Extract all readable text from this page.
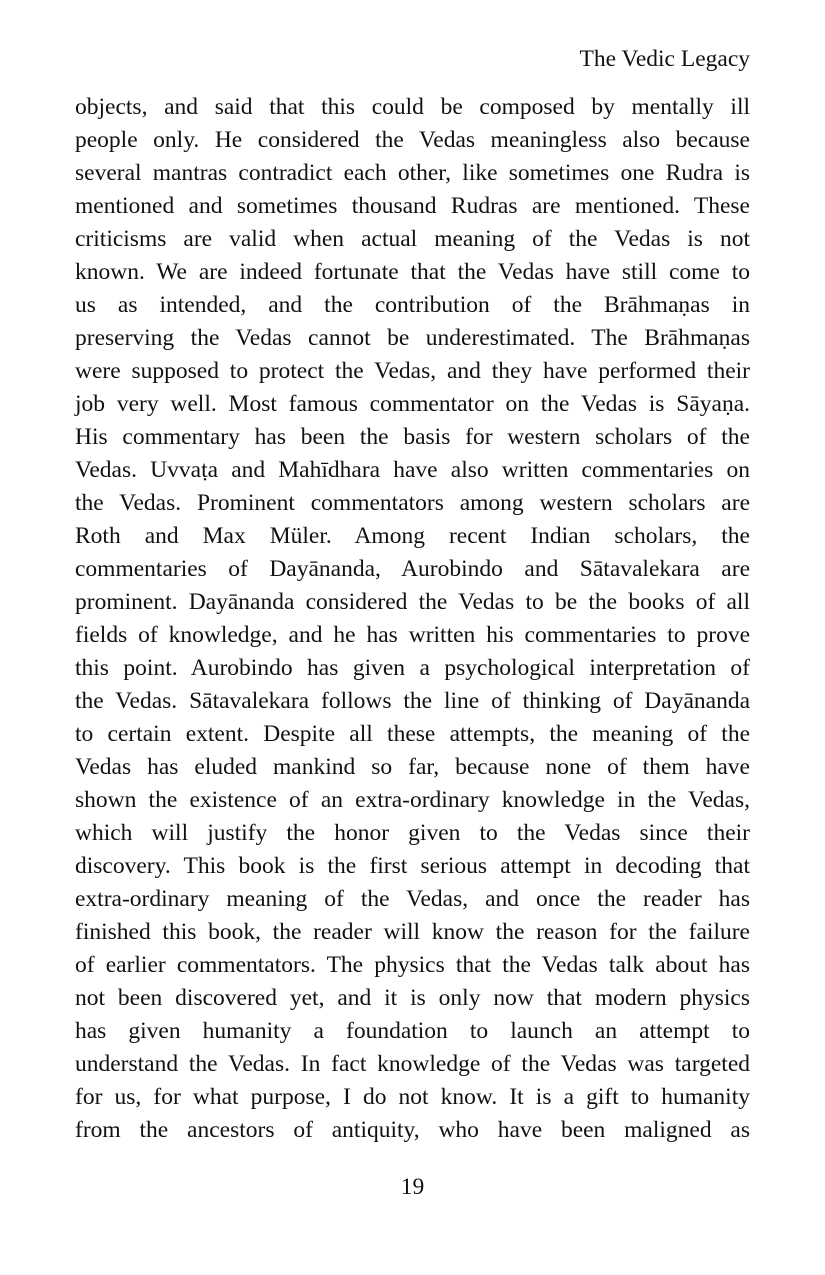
The Vedic Legacy
objects, and said that this could be composed by mentally ill
people only. He considered the Vedas meaningless also because
several mantras contradict each other, like sometimes one Rudra is
mentioned and sometimes thousand Rudras are mentioned. These
criticisms are valid when actual meaning of the Vedas is not
known. We are indeed fortunate that the Vedas have still come to
us as intended, and the contribution of the Brāhmaṇas in
preserving the Vedas cannot be underestimated. The Brāhmaṇas
were supposed to protect the Vedas, and they have performed their
job very well. Most famous commentator on the Vedas is Sāyaṇa.
His commentary has been the basis for western scholars of the
Vedas. Uvvaṭa and Mahīdhara have also written commentaries on
the Vedas. Prominent commentators among western scholars are
Roth and Max Müler. Among recent Indian scholars, the
commentaries of Dayānanda, Aurobindo and Sātavalekara are
prominent. Dayānanda considered the Vedas to be the books of all
fields of knowledge, and he has written his commentaries to prove
this point. Aurobindo has given a psychological interpretation of
the Vedas. Sātavalekara follows the line of thinking of Dayānanda
to certain extent. Despite all these attempts, the meaning of the
Vedas has eluded mankind so far, because none of them have
shown the existence of an extra-ordinary knowledge in the Vedas,
which will justify the honor given to the Vedas since their
discovery. This book is the first serious attempt in decoding that
extra-ordinary meaning of the Vedas, and once the reader has
finished this book, the reader will know the reason for the failure
of earlier commentators. The physics that the Vedas talk about has
not been discovered yet, and it is only now that modern physics
has given humanity a foundation to launch an attempt to
understand the Vedas. In fact knowledge of the Vedas was targeted
for us, for what purpose, I do not know. It is a gift to humanity
from the ancestors of antiquity, who have been maligned as
19
